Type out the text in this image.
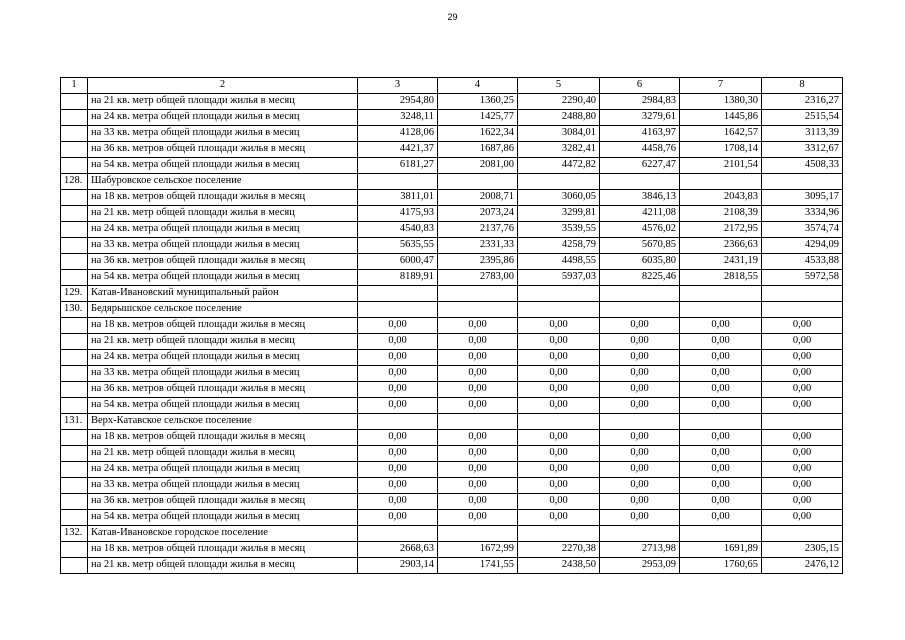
29
1	2	3	4	5	6	7	8
	на 21 кв. метр общей площади жилья в месяц	2954,80	1360,25	2290,40	2984,83	1380,30	2316,27
	на 24 кв. метра общей площади жилья в месяц	3248,11	1425,77	2488,80	3279,61	1445,86	2515,54
	на 33 кв. метра общей площади жилья в месяц	4128,06	1622,34	3084,01	4163,97	1642,57	3113,39
	на 36 кв. метров общей площади жилья в месяц	4421,37	1687,86	3282,41	4458,76	1708,14	3312,67
	на 54 кв. метра общей площади жилья в месяц	6181,27	2081,00	4472,82	6227,47	2101,54	4508,33
128.	Шабуровское сельское поселение						
	на 18 кв. метров общей площади жилья в месяц	3811,01	2008,71	3060,05	3846,13	2043,83	3095,17
	на 21 кв. метр общей площади жилья в месяц	4175,93	2073,24	3299,81	4211,08	2108,39	3334,96
	на 24 кв. метра общей площади жилья в месяц	4540,83	2137,76	3539,55	4576,02	2172,95	3574,74
	на 33 кв. метра общей площади жилья в месяц	5635,55	2331,33	4258,79	5670,85	2366,63	4294,09
	на 36 кв. метров общей площади жилья в месяц	6000,47	2395,86	4498,55	6035,80	2431,19	4533,88
	на 54 кв. метра общей площади жилья в месяц	8189,91	2783,00	5937,03	8225,46	2818,55	5972,58
129.	Катав-Ивановский муниципальный район						
130.	Бедярышское сельское поселение						
	на 18 кв. метров общей площади жилья в месяц	0,00	0,00	0,00	0,00	0,00	0,00
	на 21 кв. метр общей площади жилья в месяц	0,00	0,00	0,00	0,00	0,00	0,00
	на 24 кв. метра общей площади жилья в месяц	0,00	0,00	0,00	0,00	0,00	0,00
	на 33 кв. метра общей площади жилья в месяц	0,00	0,00	0,00	0,00	0,00	0,00
	на 36 кв. метров общей площади жилья в месяц	0,00	0,00	0,00	0,00	0,00	0,00
	на 54 кв. метра общей площади жилья в месяц	0,00	0,00	0,00	0,00	0,00	0,00
131.	Верх-Катавское сельское поселение						
	на 18 кв. метров общей площади жилья в месяц	0,00	0,00	0,00	0,00	0,00	0,00
	на 21 кв. метр общей площади жилья в месяц	0,00	0,00	0,00	0,00	0,00	0,00
	на 24 кв. метра общей площади жилья в месяц	0,00	0,00	0,00	0,00	0,00	0,00
	на 33 кв. метра общей площади жилья в месяц	0,00	0,00	0,00	0,00	0,00	0,00
	на 36 кв. метров общей площади жилья в месяц	0,00	0,00	0,00	0,00	0,00	0,00
	на 54 кв. метра общей площади жилья в месяц	0,00	0,00	0,00	0,00	0,00	0,00
132.	Катав-Ивановское городское поселение						
	на 18 кв. метров общей площади жилья в месяц	2668,63	1672,99	2270,38	2713,98	1691,89	2305,15
	на 21 кв. метр общей площади жилья в месяц	2903,14	1741,55	2438,50	2953,09	1760,65	2476,12
